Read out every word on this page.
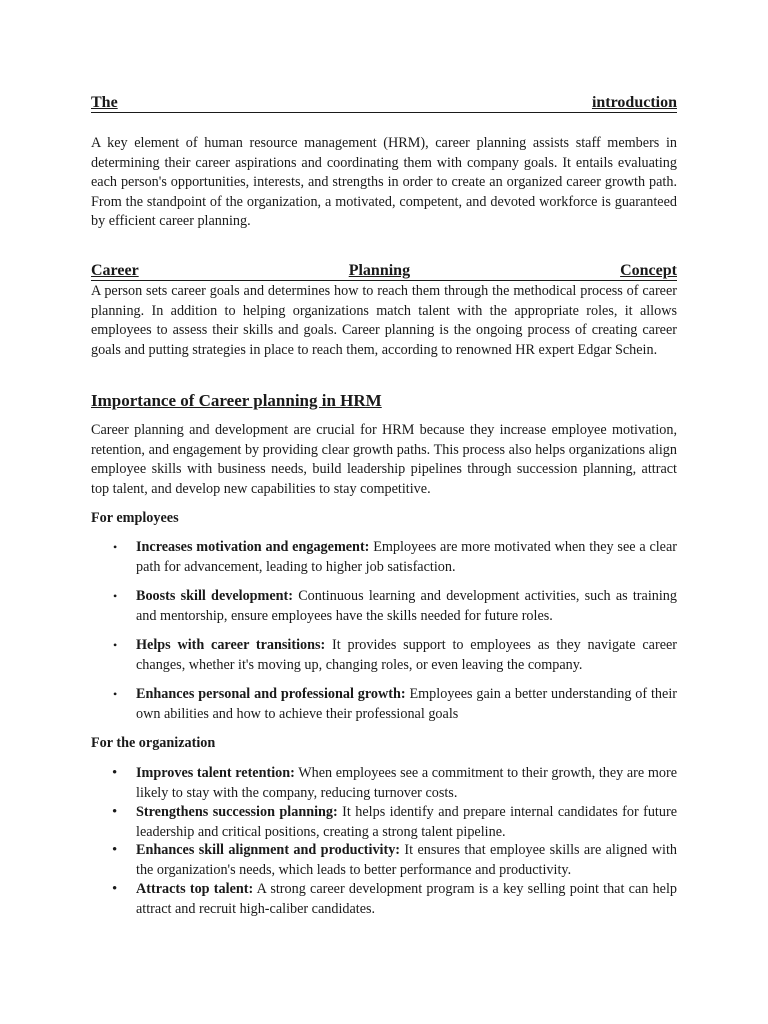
The	introduction

A key element of human resource management (HRM), career planning assists staff members in determining their career aspirations and coordinating them with company goals. It entails evaluating each person's opportunities, interests, and strengths in order to create an organized career growth path. From the standpoint of the organization, a motivated, competent, and devoted workforce is guaranteed by efficient career planning.

Career	Planning	Concept

A person sets career goals and determines how to reach them through the methodical process of career planning. In addition to helping organizations match talent with the appropriate roles, it allows employees to assess their skills and goals. Career planning is the ongoing process of creating career goals and putting strategies in place to reach them, according to renowned HR expert Edgar Schein.

Importance of Career planning in HRM

Career planning and development are crucial for HRM because they increase employee motivation, retention, and engagement by providing clear growth paths. This process also helps organizations align employee skills with business needs, build leadership pipelines through succession planning, attract top talent, and develop new capabilities to stay competitive.

For employees
•	Increases motivation and engagement: Employees are more motivated when they see a clear path for advancement, leading to higher job satisfaction.
•	Boosts skill development: Continuous learning and development activities, such as training and mentorship, ensure employees have the skills needed for future roles.
•	Helps with career transitions: It provides support to employees as they navigate career changes, whether it's moving up, changing roles, or even leaving the company.
•	Enhances personal and professional growth: Employees gain a better understanding of their own abilities and how to achieve their professional goals
For the organization
•	Improves talent retention: When employees see a commitment to their growth, they are more likely to stay with the company, reducing turnover costs.
•	Strengthens succession planning: It helps identify and prepare internal candidates for future leadership and critical positions, creating a strong talent pipeline.
•	Enhances skill alignment and productivity: It ensures that employee skills are aligned with the organization's needs, which leads to better performance and productivity.
•	Attracts top talent: A strong career development program is a key selling point that can help attract and recruit high-caliber candidates.
